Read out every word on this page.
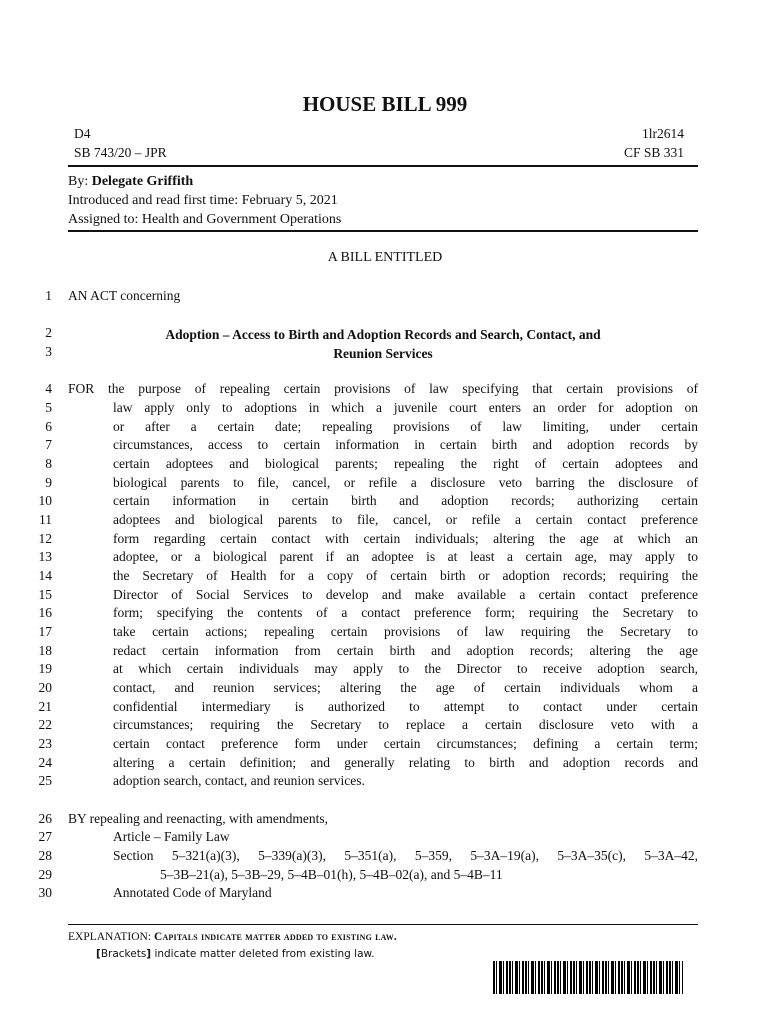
HOUSE BILL 999
D4	1lr2614
SB 743/20 – JPR	CF SB 331
By: Delegate Griffith
Introduced and read first time: February 5, 2021
Assigned to: Health and Government Operations
A BILL ENTITLED
1
2
3
4
5
6
7
8
9
10
11
12
13
14
15
16
17
18
19
20
21
22
23
24
25
26
27
28
29
30
AN ACT concerning
Adoption – Access to Birth and Adoption Records and Search, Contact, and
Reunion Services
FOR the purpose of repealing certain provisions of law specifying that certain provisions of
law apply only to adoptions in which a juvenile court enters an order for adoption on
or after a certain date; repealing provisions of law limiting, under certain
circumstances, access to certain information in certain birth and adoption records by
certain adoptees and biological parents; repealing the right of certain adoptees and
biological parents to file, cancel, or refile a disclosure veto barring the disclosure of
certain information in certain birth and adoption records; authorizing certain
adoptees and biological parents to file, cancel, or refile a certain contact preference
form regarding certain contact with certain individuals; altering the age at which an
adoptee, or a biological parent if an adoptee is at least a certain age, may apply to
the Secretary of Health for a copy of certain birth or adoption records; requiring the
Director of Social Services to develop and make available a certain contact preference
form; specifying the contents of a contact preference form; requiring the Secretary to
take certain actions; repealing certain provisions of law requiring the Secretary to
redact certain information from certain birth and adoption records; altering the age
at which certain individuals may apply to the Director to receive adoption search,
contact, and reunion services; altering the age of certain individuals whom a
confidential intermediary is authorized to attempt to contact under certain
circumstances; requiring the Secretary to replace a certain disclosure veto with a
certain contact preference form under certain circumstances; defining a certain term;
altering a certain definition; and generally relating to birth and adoption records and
adoption search, contact, and reunion services.
BY repealing and reenacting, with amendments,
Article – Family Law
Section 5–321(a)(3), 5–339(a)(3), 5–351(a), 5–359, 5–3A–19(a), 5–3A–35(c), 5–3A–42,
5–3B–21(a), 5–3B–29, 5–4B–01(h), 5–4B–02(a), and 5–4B–11
Annotated Code of Maryland
EXPLANATION: Capitals indicate matter added to existing law.
[Brackets] indicate matter deleted from existing law.
